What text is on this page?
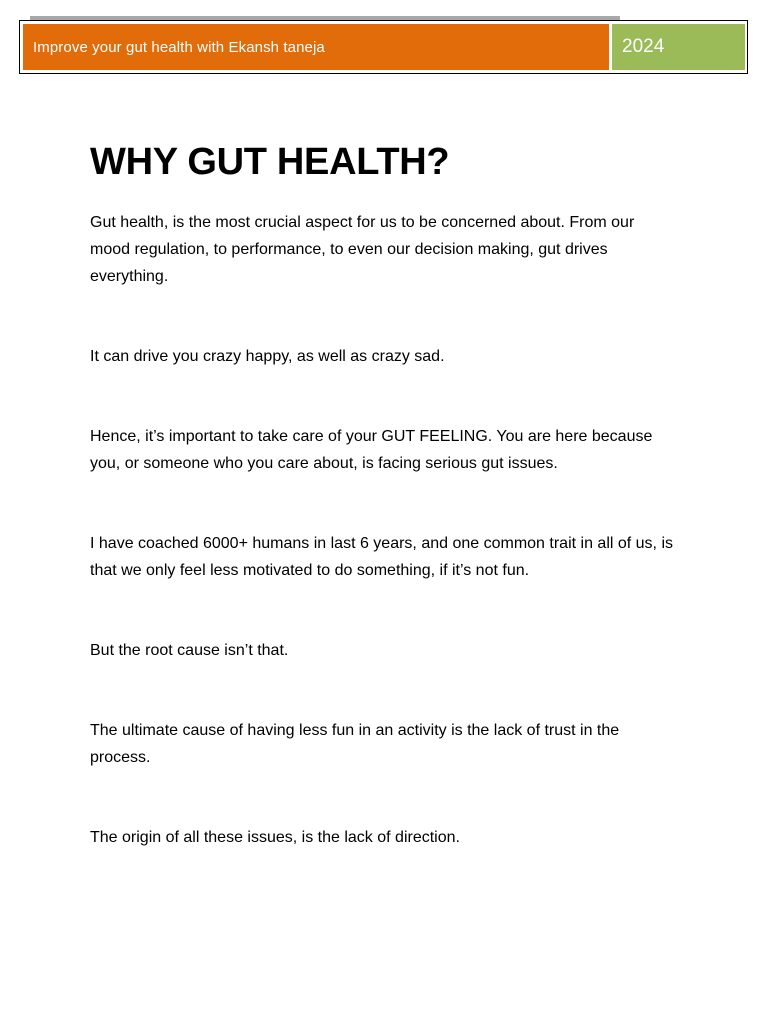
Improve your gut health with Ekansh taneja	2024
WHY GUT HEALTH?

Gut health, is the most crucial aspect for us to be concerned about. From our mood regulation, to performance, to even our decision making, gut drives everything.

It can drive you crazy happy, as well as crazy sad.

Hence, it’s important to take care of your GUT FEELING. You are here because you, or someone who you care about, is facing serious gut issues.

I have coached 6000+ humans in last 6 years, and one common trait in all of us, is that we only feel less motivated to do something, if it’s not fun.

But the root cause isn’t that.

The ultimate cause of having less fun in an activity is the lack of trust in the process.

The origin of all these issues, is the lack of direction.
